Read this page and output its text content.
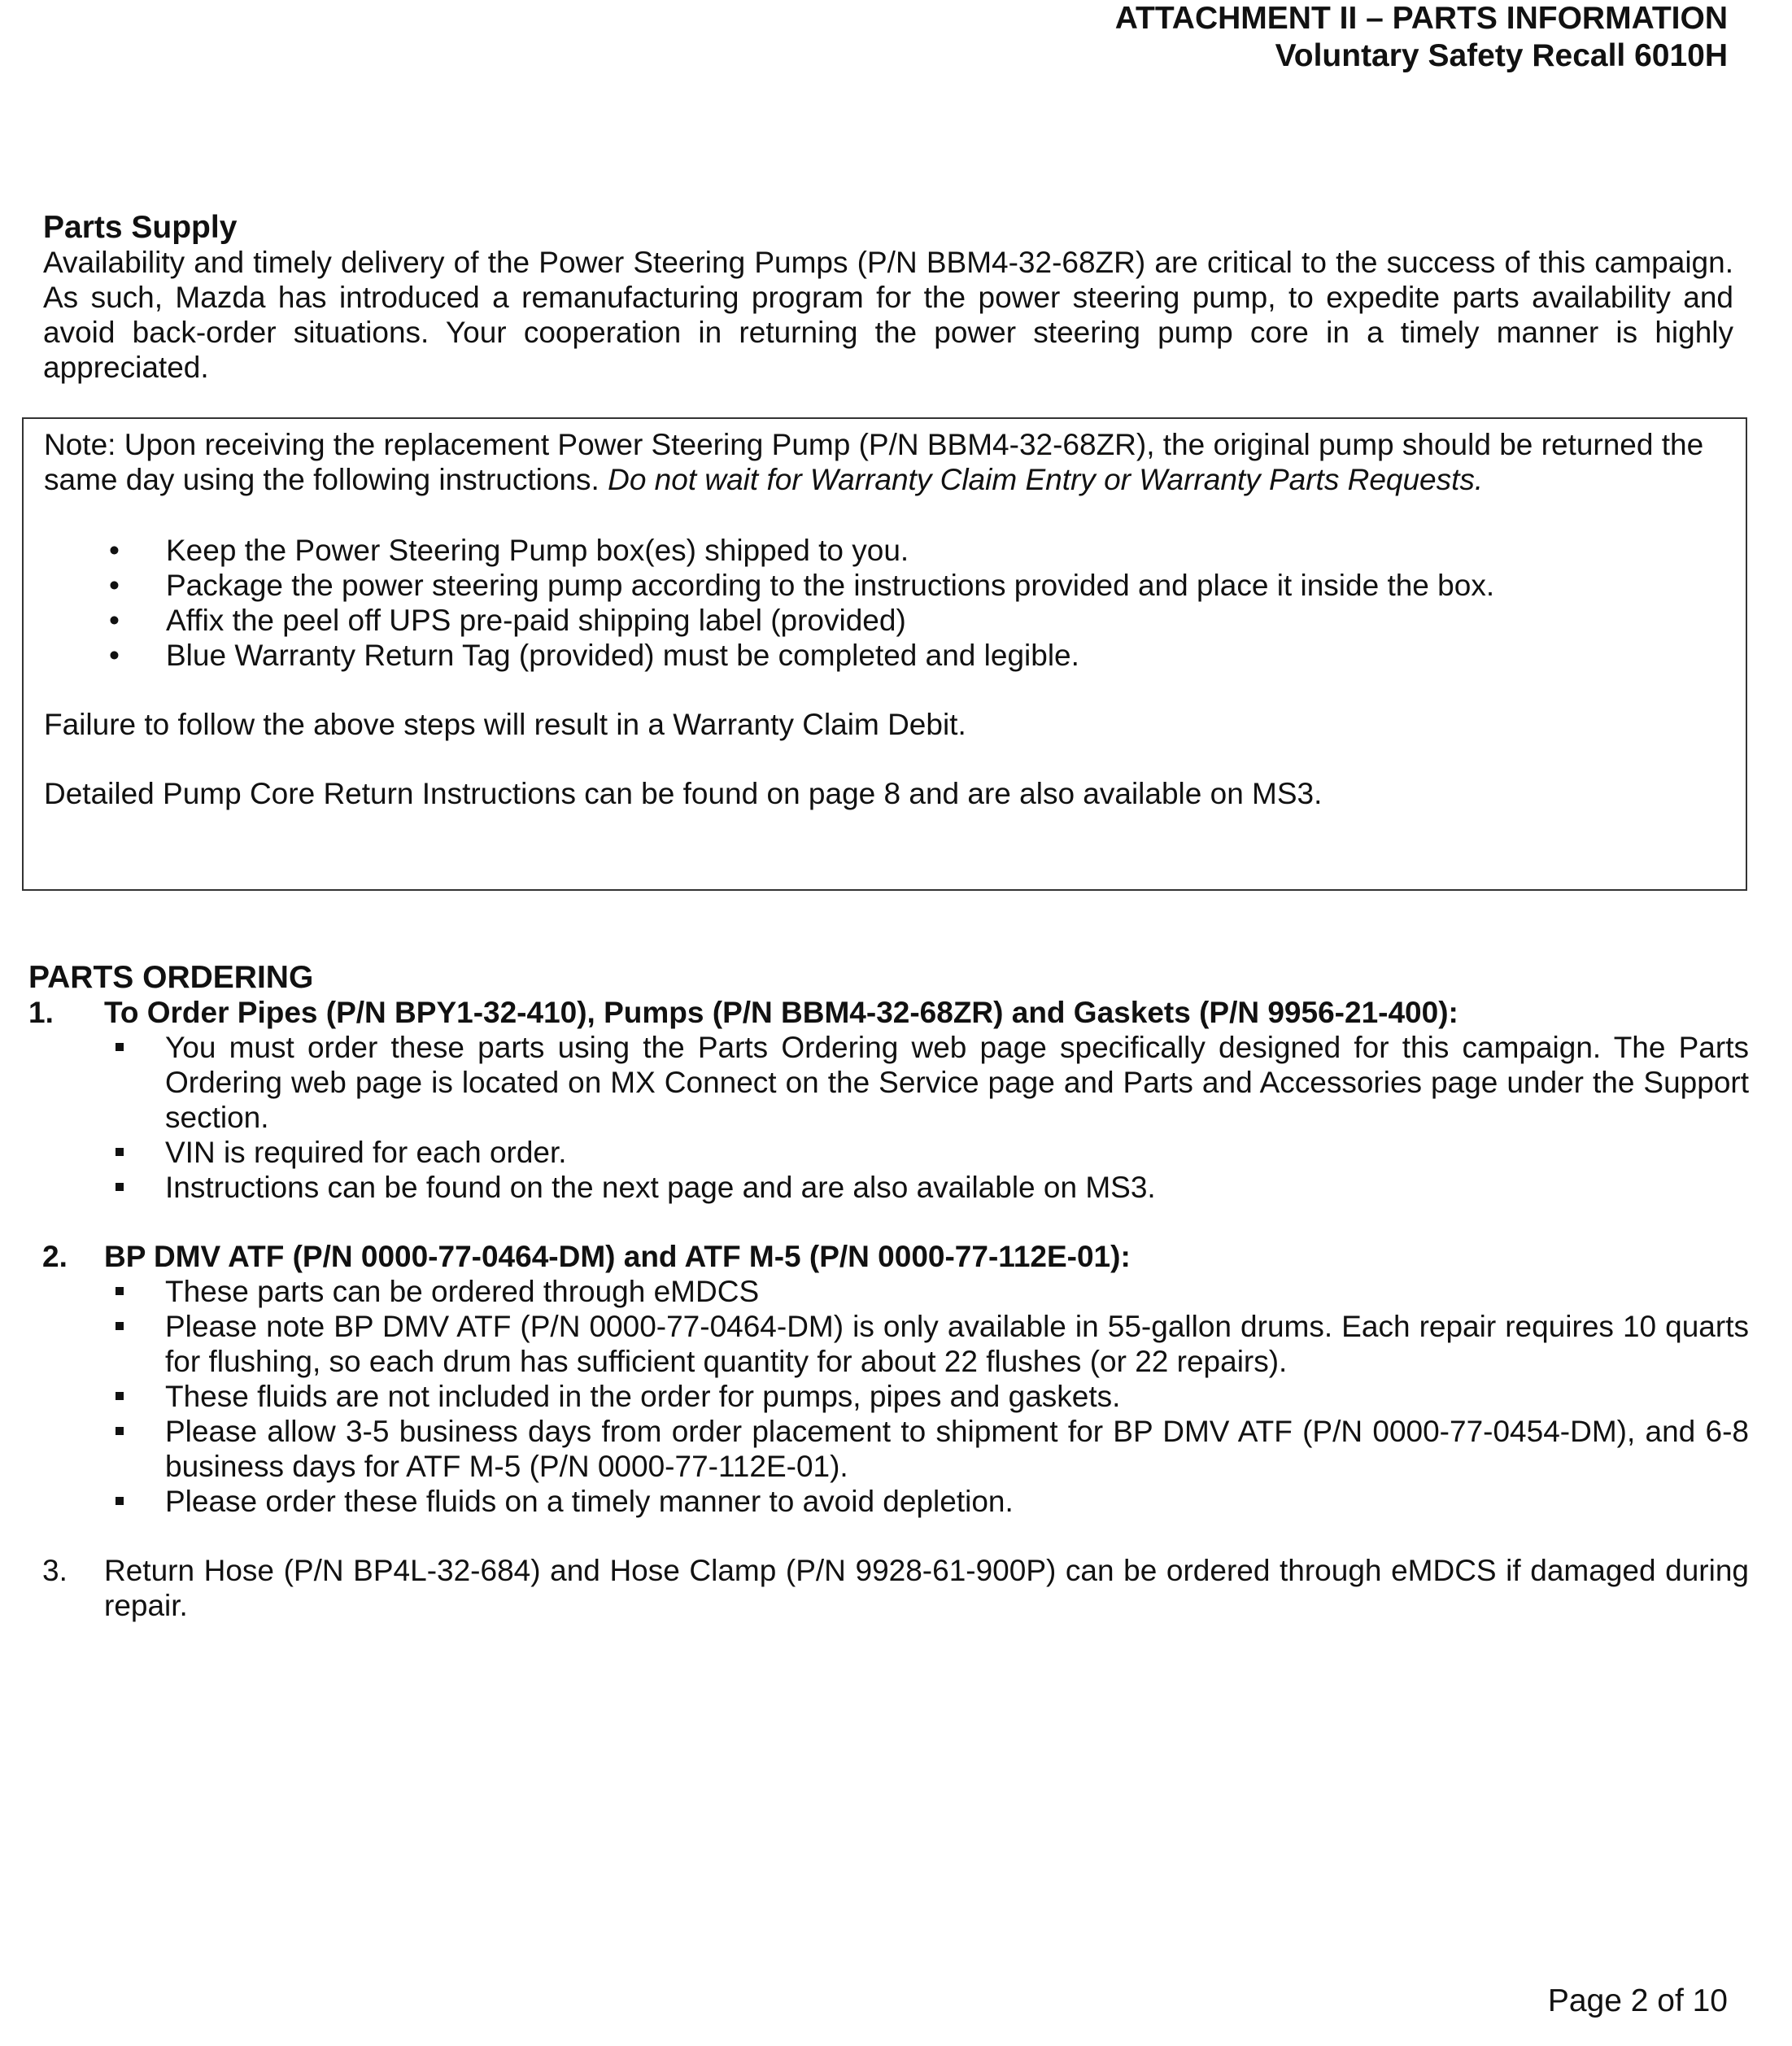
ATTACHMENT II – PARTS INFORMATION
Voluntary Safety Recall 6010H
Parts Supply

Availability and timely delivery of the Power Steering Pumps (P/N BBM4-32-68ZR) are critical to the success of this campaign. As such, Mazda has introduced a remanufacturing program for the power steering pump, to expedite parts availability and avoid back-order situations. Your cooperation in returning the power steering pump core in a timely manner is highly appreciated.

Note: Upon receiving the replacement Power Steering Pump (P/N BBM4-32-68ZR), the original pump should be returned the same day using the following instructions. Do not wait for Warranty Claim Entry or Warranty Parts Requests.

• Keep the Power Steering Pump box(es) shipped to you.
• Package the power steering pump according to the instructions provided and place it inside the box.
• Affix the peel off UPS pre-paid shipping label (provided)
• Blue Warranty Return Tag (provided) must be completed and legible.

Failure to follow the above steps will result in a Warranty Claim Debit.

Detailed Pump Core Return Instructions can be found on page 8 and are also available on MS3.

PARTS ORDERING
1. To Order Pipes (P/N BPY1-32-410), Pumps (P/N BBM4-32-68ZR) and Gaskets (P/N 9956-21-400):

You must order these parts using the Parts Ordering web page specifically designed for this campaign. The Parts Ordering web page is located on MX Connect on the Service page and Parts and Accessories page under the Support section.
VIN is required for each order.
Instructions can be found on the next page and are also available on MS3.
2. BP DMV ATF (P/N 0000-77-0464-DM) and ATF M-5 (P/N 0000-77-112E-01):

These parts can be ordered through eMDCS
Please note BP DMV ATF (P/N 0000-77-0464-DM) is only available in 55-gallon drums. Each repair requires 10 quarts for flushing, so each drum has sufficient quantity for about 22 flushes (or 22 repairs).
These fluids are not included in the order for pumps, pipes and gaskets.
Please allow 3-5 business days from order placement to shipment for BP DMV ATF (P/N 0000-77-0454-DM), and 6-8 business days for ATF M-5 (P/N 0000-77-112E-01).
Please order these fluids on a timely manner to avoid depletion.
3. Return Hose (P/N BP4L-32-684) and Hose Clamp (P/N 9928-61-900P) can be ordered through eMDCS if damaged during repair.

Page 2 of 10
